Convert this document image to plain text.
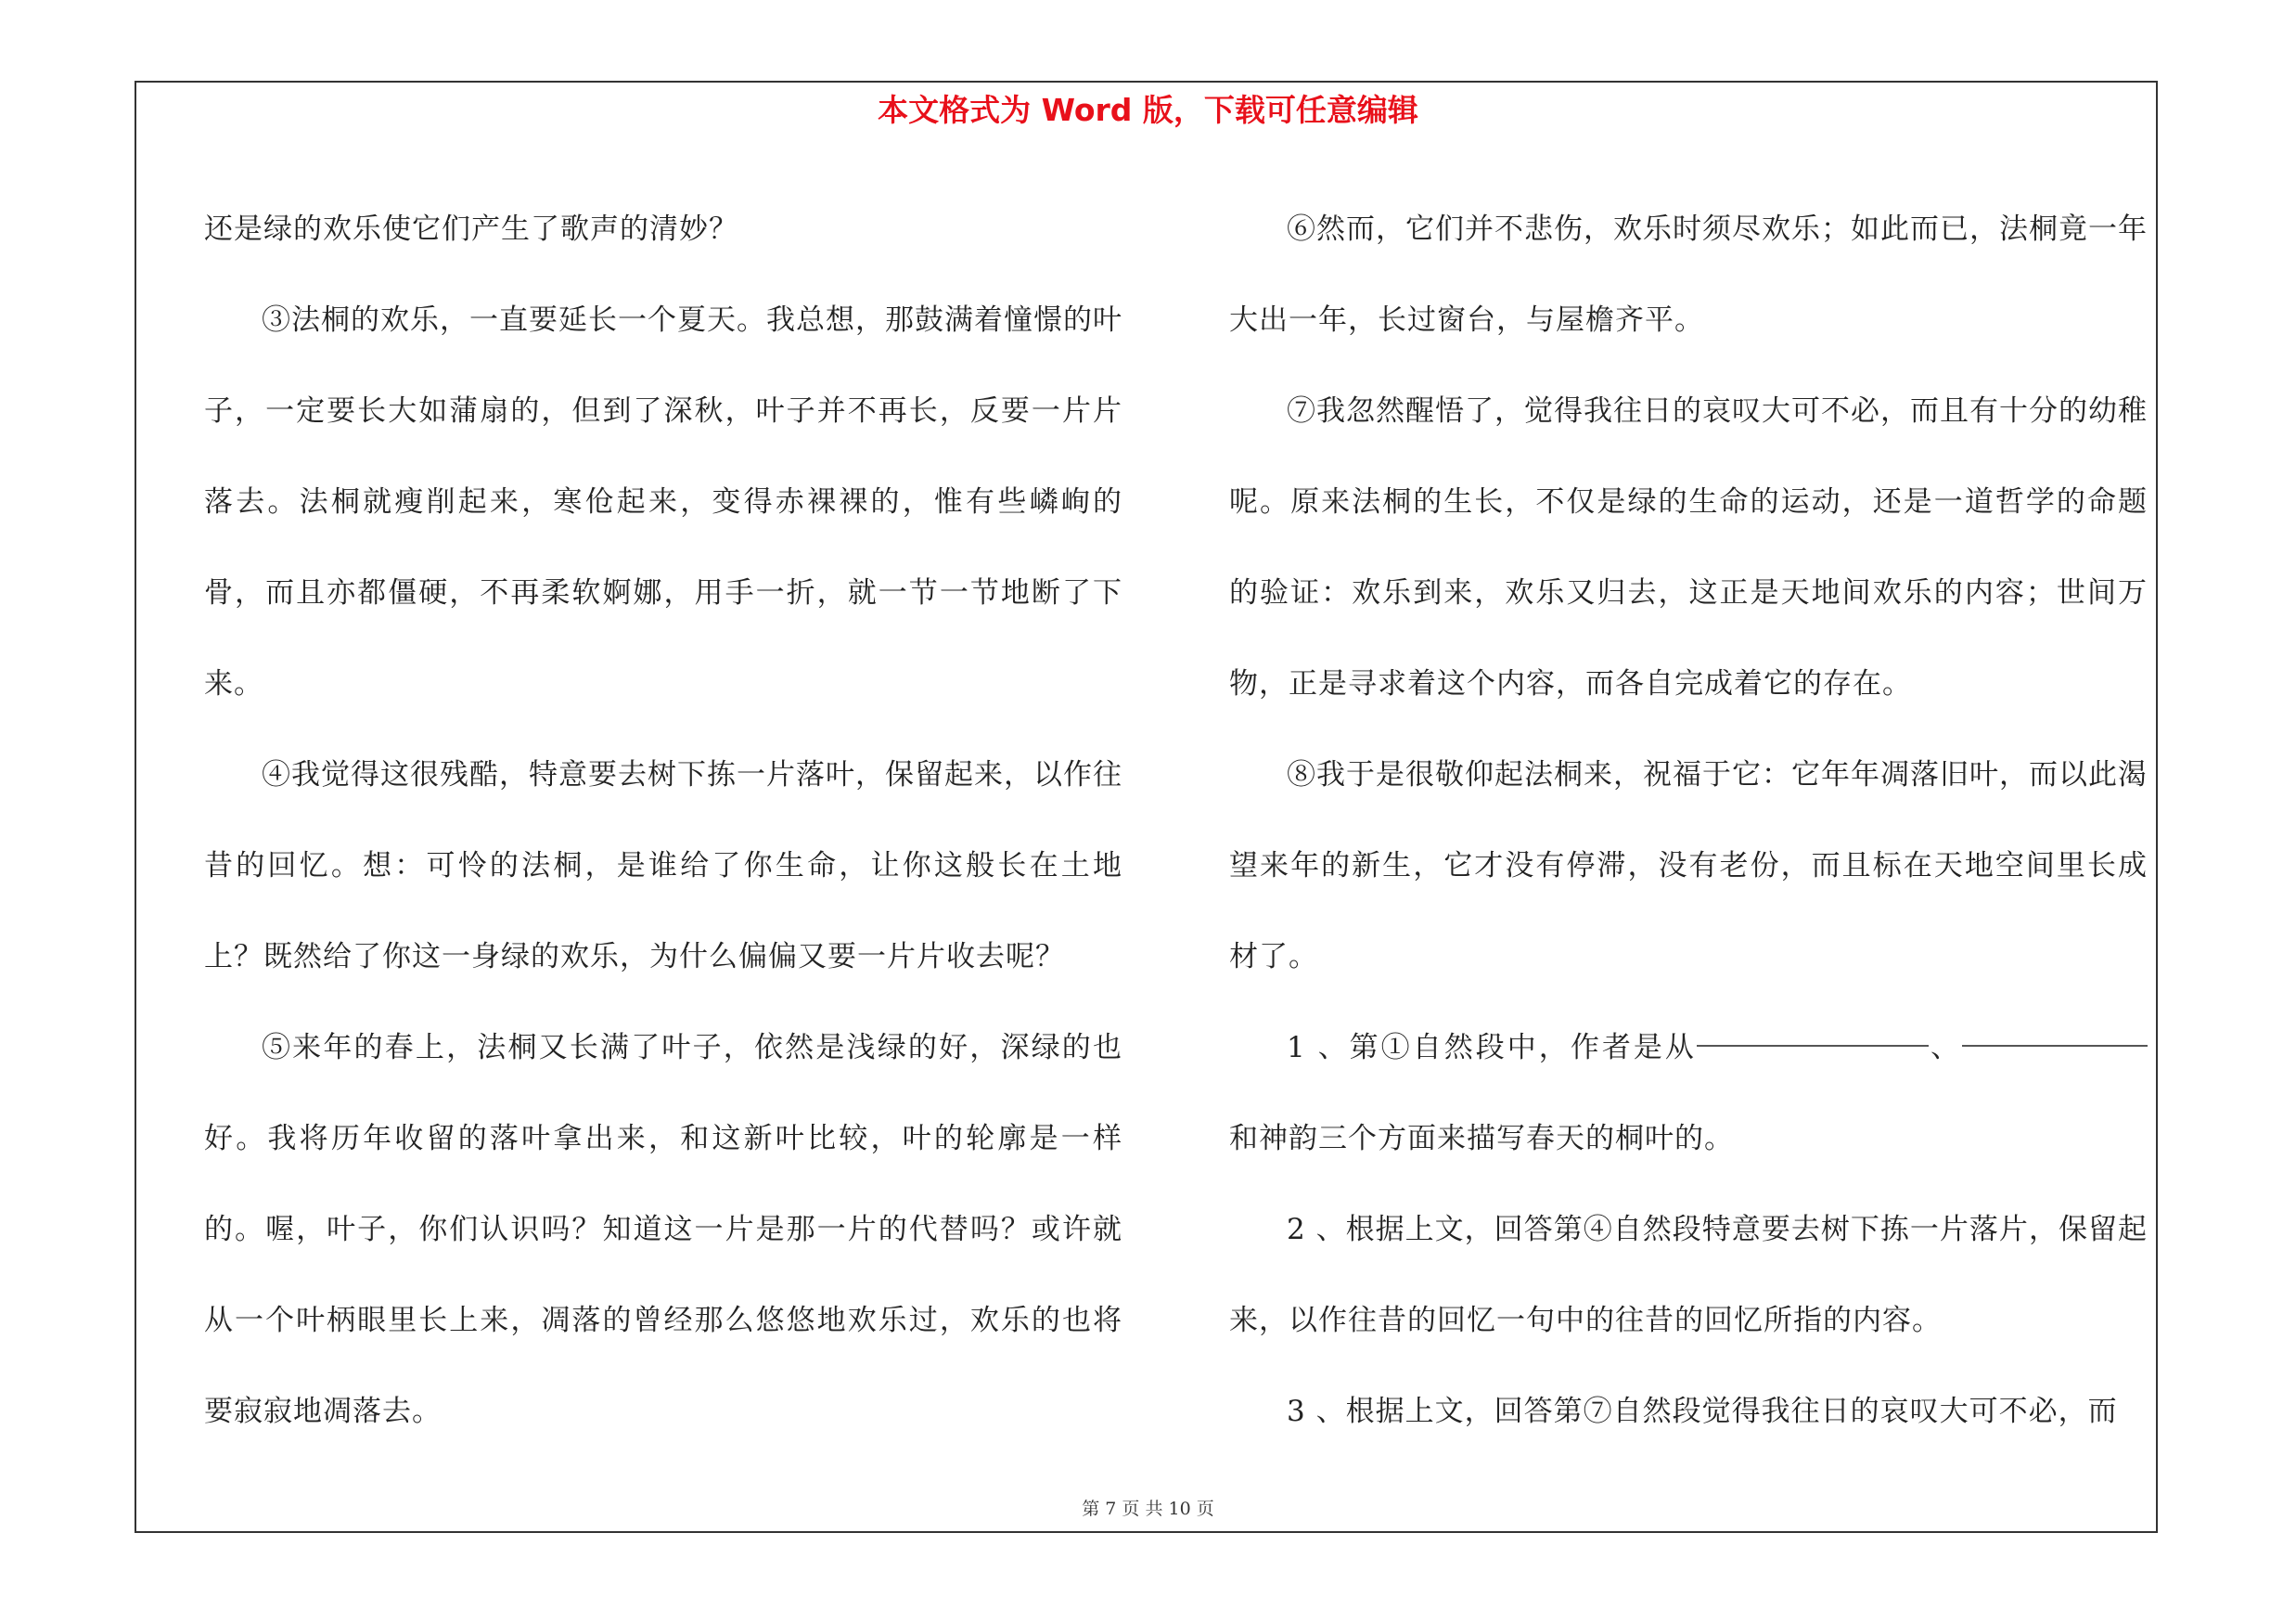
本文格式为 Word 版，下载可任意编辑

还是绿的欢乐使它们产生了歌声的清妙？

③法桐的欢乐，一直要延长一个夏天。我总想，那鼓满着憧憬的叶子，一定要长大如蒲扇的，但到了深秋，叶子并不再长，反要一片片落去。法桐就瘦削起来，寒伧起来，变得赤裸裸的，惟有些嶙峋的骨，而且亦都僵硬，不再柔软婀娜，用手一折，就一节一节地断了下来。

④我觉得这很残酷，特意要去树下拣一片落叶，保留起来，以作往昔的回忆。想：可怜的法桐，是谁给了你生命，让你这般长在土地上？既然给了你这一身绿的欢乐，为什么偏偏又要一片片收去呢？

⑤来年的春上，法桐又长满了叶子，依然是浅绿的好，深绿的也好。我将历年收留的落叶拿出来，和这新叶比较，叶的轮廓是一样的。喔，叶子，你们认识吗？知道这一片是那一片的代替吗？或许就从一个叶柄眼里长上来，凋落的曾经那么悠悠地欢乐过，欢乐的也将要寂寂地凋落去。

⑥然而，它们并不悲伤，欢乐时须尽欢乐；如此而已，法桐竟一年大出一年，长过窗台，与屋檐齐平。

⑦我忽然醒悟了，觉得我往日的哀叹大可不必，而且有十分的幼稚呢。原来法桐的生长，不仅是绿的生命的运动，还是一道哲学的命题的验证：欢乐到来，欢乐又归去，这正是天地间欢乐的内容；世间万物，正是寻求着这个内容，而各自完成着它的存在。

⑧我于是很敬仰起法桐来，祝福于它：它年年凋落旧叶，而以此渴望来年的新生，它才没有停滞，没有老份，而且标在天地空间里长成材了。

1 、第①自然段中，作者是从	、和神韵三个方面来描写春天的桐叶的。

2 、根据上文，回答第④自然段特意要去树下拣一片落片，保留起来，以作往昔的回忆一句中的往昔的回忆所指的内容。

3 、根据上文，回答第⑦自然段觉得我往日的哀叹大可不必，而

第 7 页 共 10 页
